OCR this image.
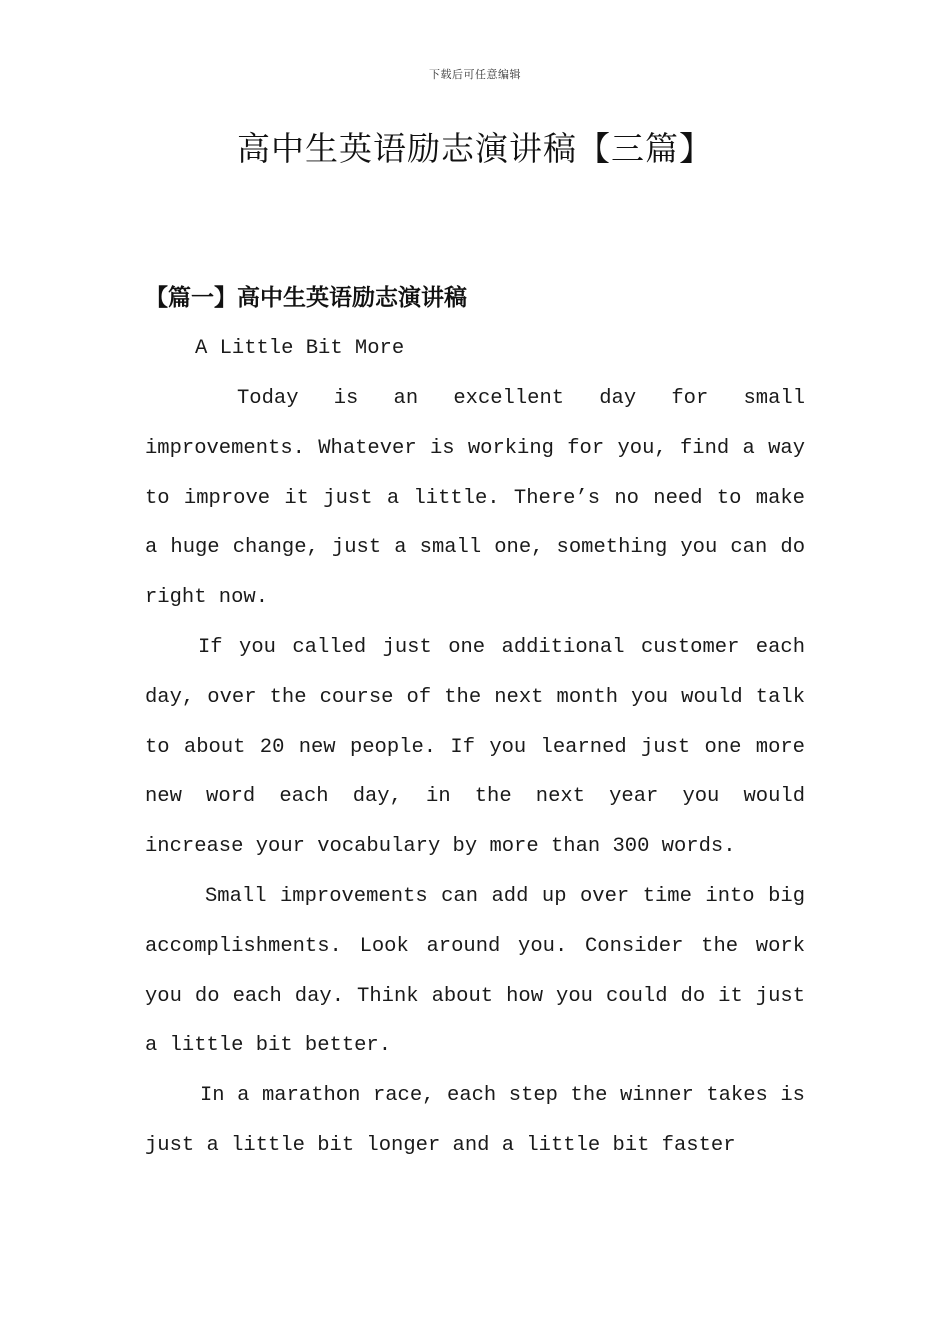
下载后可任意编辑
高中生英语励志演讲稿【三篇】
【篇一】高中生英语励志演讲稿
A Little Bit More

Today is an excellent day for small improvements. Whatever is working for you, find a way to improve it just a little. There’s no need to make a huge change, just a small one, something you can do right now.

If you called just one additional customer each day, over the course of the next month you would talk to about 20 new people. If you learned just one more new word each day, in the next year you would increase your vocabulary by more than 300 words.

Small improvements can add up over time into big accomplishments. Look around you. Consider the work you do each day. Think about how you could do it just a little bit better.

In a marathon race, each step the winner takes is just a little bit longer and a little bit faster
